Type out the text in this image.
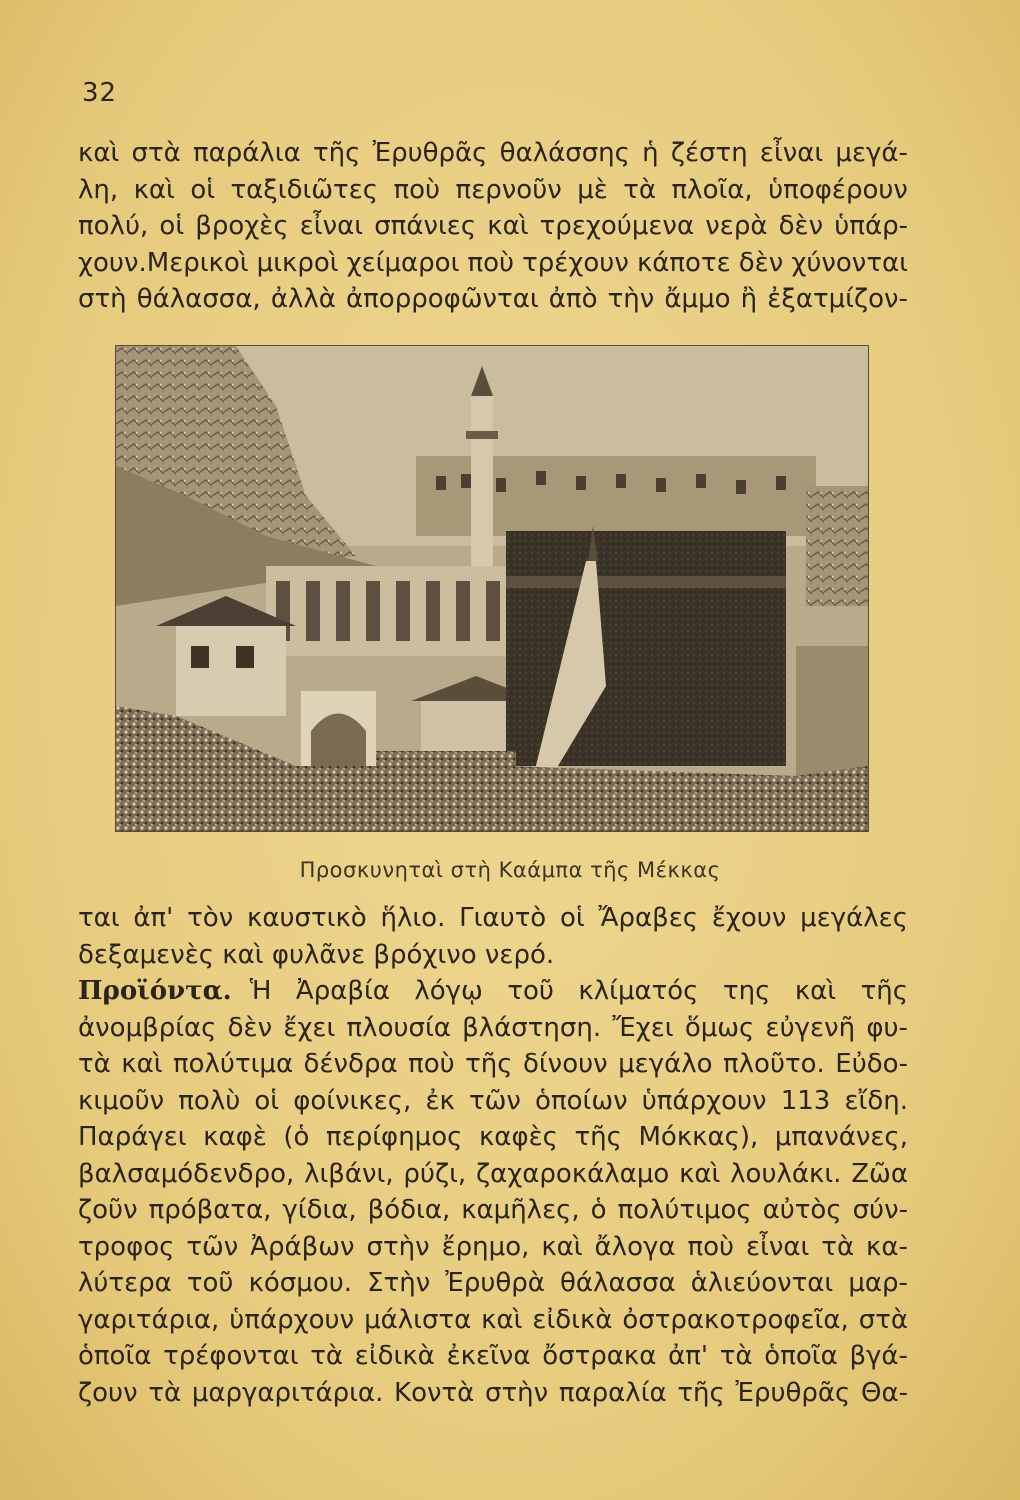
32
καὶ στὰ παράλια τῆς Ἐρυθρᾶς θαλάσσης ἡ ζέστη εἶναι μεγά-
λη, καὶ οἱ ταξιδιῶτες ποὺ περνοῦν μὲ τὰ πλοῖα, ὑποφέρουν
πολύ, οἱ βροχὲς εἶναι σπάνιες καὶ τρεχούμενα νερὰ δὲν ὑπάρ-
χουν.Μερικοὶ μικροὶ χείμαροι ποὺ τρέχουν κάποτε δὲν χύνονται
στὴ θάλασσα, ἀλλὰ ἀπορροφῶνται ἀπὸ τὴν ἄμμο ἢ ἐξατμίζον-
Προσκυνηταὶ στὴ Καάμπα τῆς Μέκκας
ται ἀπ' τὸν καυστικὸ ἥλιο. Γιαυτὸ οἱ Ἄραβες ἔχουν μεγάλες
δεξαμενὲς καὶ φυλᾶνε βρόχινο νερό.
Προϊόντα. Ἡ Ἀραβία λόγῳ τοῦ κλίματός της καὶ τῆς
ἀνομβρίας δὲν ἔχει πλουσία βλάστηση. Ἔχει ὅμως εὐγενῆ φυ-
τὰ καὶ πολύτιμα δένδρα ποὺ τῆς δίνουν μεγάλο πλοῦτο. Εὐδο-
κιμοῦν πολὺ οἱ φοίνικες, ἐκ τῶν ὁποίων ὑπάρχουν 113 εἴδη.
Παράγει καφὲ (ὁ περίφημος καφὲς τῆς Μόκκας), μπανάνες,
βαλσαμόδενδρο, λιβάνι, ρύζι, ζαχαροκάλαμο καὶ λουλάκι. Ζῶα
ζοῦν πρόβατα, γίδια, βόδια, καμῆλες, ὁ πολύτιμος αὐτὸς σύν-
τροφος τῶν Ἀράβων στὴν ἔρημο, καὶ ἄλογα ποὺ εἶναι τὰ κα-
λύτερα τοῦ κόσμου. Στὴν Ἐρυθρὰ θάλασσα ἁλιεύονται μαρ-
γαριτάρια, ὑπάρχουν μάλιστα καὶ εἰδικὰ ὀστρακοτροφεῖα, στὰ
ὁποῖα τρέφονται τὰ εἰδικὰ ἐκεῖνα ὄστρακα ἀπ' τὰ ὁποῖα βγά-
ζουν τὰ μαργαριτάρια. Κοντὰ στὴν παραλία τῆς Ἐρυθρᾶς Θα-
